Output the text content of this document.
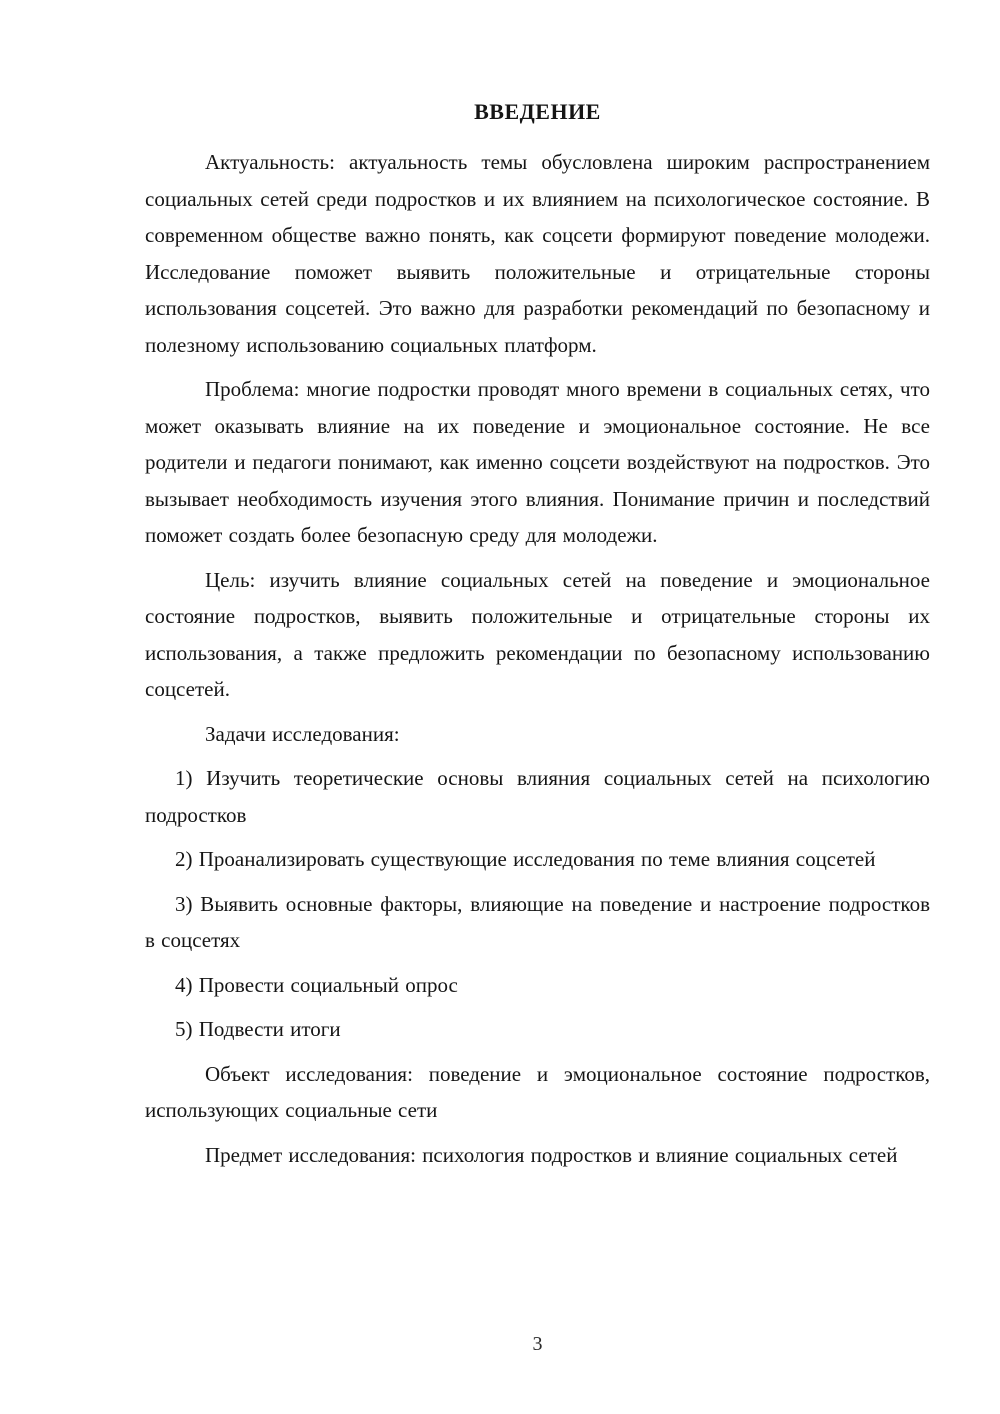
ВВЕДЕНИЕ

Актуальность: актуальность темы обусловлена широким распространением социальных сетей среди подростков и их влиянием на психологическое состояние. В современном обществе важно понять, как соцсети формируют поведение молодежи. Исследование поможет выявить положительные и отрицательные стороны использования соцсетей. Это важно для разработки рекомендаций по безопасному и полезному использованию социальных платформ.

Проблема: многие подростки проводят много времени в социальных сетях, что может оказывать влияние на их поведение и эмоциональное состояние. Не все родители и педагоги понимают, как именно соцсети воздействуют на подростков. Это вызывает необходимость изучения этого влияния. Понимание причин и последствий поможет создать более безопасную среду для молодежи.

Цель: изучить влияние социальных сетей на поведение и эмоциональное состояние подростков, выявить положительные и отрицательные стороны их использования, а также предложить рекомендации по безопасному использованию соцсетей.

Задачи исследования:

1) Изучить теоретические основы влияния социальных сетей на психологию подростков

2) Проанализировать существующие исследования по теме влияния соцсетей

3) Выявить основные факторы, влияющие на поведение и настроение подростков в соцсетях

4) Провести социальный опрос

5) Подвести итоги

Объект исследования: поведение и эмоциональное состояние подростков, использующих социальные сети

Предмет исследования: психология подростков и влияние социальных сетей

3
